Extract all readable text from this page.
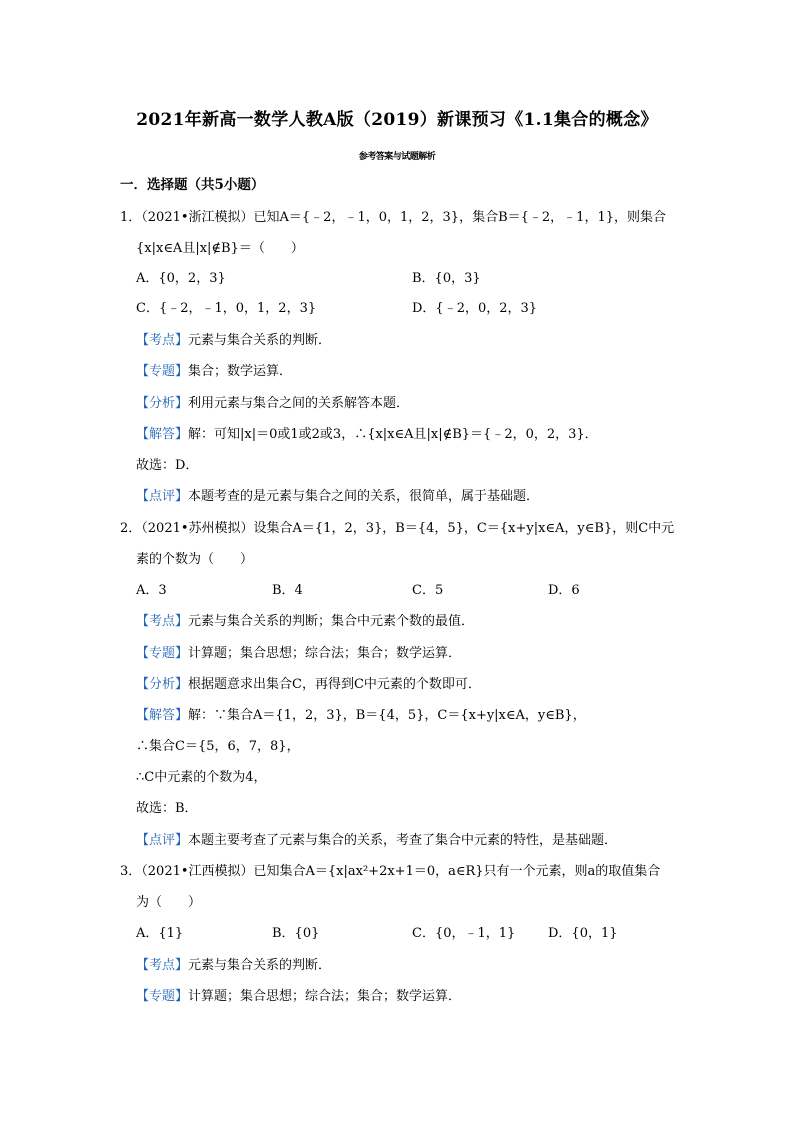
2021年新高一数学人教A版（2019）新课预习《1.1集合的概念》
参考答案与试题解析
一．选择题（共5小题）
1．（2021•浙江模拟）已知A＝{﹣2，﹣1，0，1，2，3}，集合B＝{﹣2，﹣1，1}，则集合
{x|x∈A且|x|∉B}＝（　　）
A．{0，2，3}	B．{0，3}
C．{﹣2，﹣1，0，1，2，3}	D．{﹣2，0，2，3}
【考点】元素与集合关系的判断．
【专题】集合；数学运算．
【分析】利用元素与集合之间的关系解答本题．
【解答】解：可知|x|＝0或1或2或3，∴{x|x∈A且|x|∉B}＝{﹣2，0，2，3}．
故选：D．
【点评】本题考查的是元素与集合之间的关系，很简单，属于基础题．
2．（2021•苏州模拟）设集合A＝{1，2，3}，B＝{4，5}，C＝{x+y|x∈A，y∈B}，则C中元
素的个数为（　　）
A．3	B．4	C．5	D．6
【考点】元素与集合关系的判断；集合中元素个数的最值．
【专题】计算题；集合思想；综合法；集合；数学运算．
【分析】根据题意求出集合C，再得到C中元素的个数即可．
【解答】解：∵集合A＝{1，2，3}，B＝{4，5}，C＝{x+y|x∈A，y∈B}，
∴集合C＝{5，6，7，8}，
∴C中元素的个数为4，
故选：B．
【点评】本题主要考查了元素与集合的关系，考查了集合中元素的特性，是基础题．
3．（2021•江西模拟）已知集合A＝{x|ax²+2x+1＝0，a∈R}只有一个元素，则a的取值集合
为（　　）
A．{1}	B．{0}	C．{0，﹣1，1}	D．{0，1}
【考点】元素与集合关系的判断．
【专题】计算题；集合思想；综合法；集合；数学运算．
